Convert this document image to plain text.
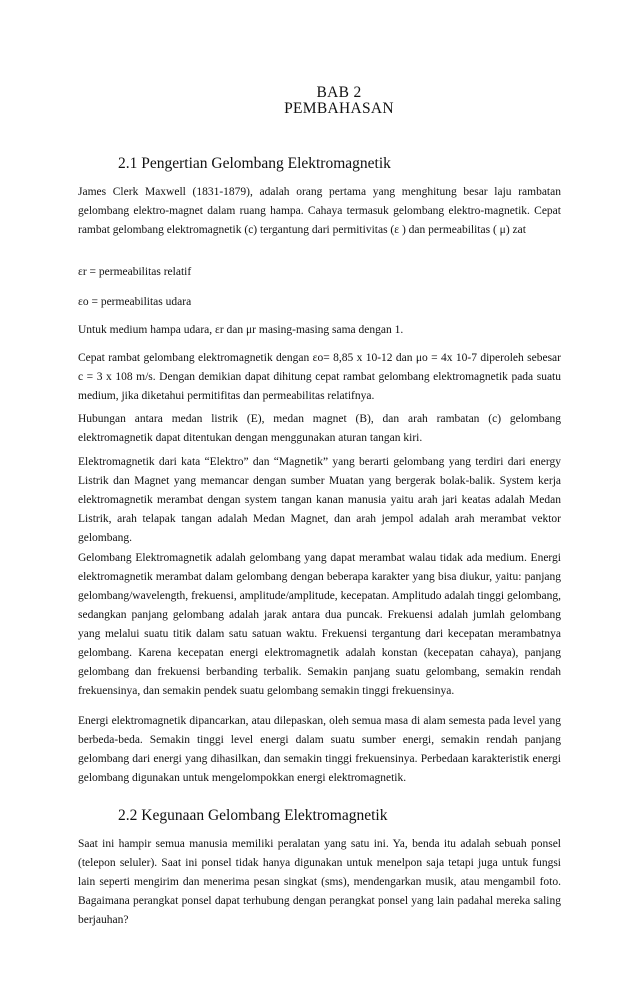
BAB 2
PEMBAHASAN
2.1 Pengertian Gelombang Elektromagnetik
James Clerk Maxwell (1831-1879), adalah orang pertama yang menghitung besar laju rambatan gelombang elektro-magnet dalam ruang hampa. Cahaya termasuk gelombang elektro-magnetik. Cepat rambat gelombang elektromagnetik (c) tergantung dari permitivitas (ε ) dan permeabilitas ( μ) zat
εr = permeabilitas relatif
εo = permeabilitas udara
Untuk medium hampa udara, εr dan μr masing-masing sama dengan 1.
Cepat rambat gelombang elektromagnetik dengan εo= 8,85 x 10-12 dan μo = 4x 10-7 diperoleh sebesar c = 3 x 108 m/s. Dengan demikian dapat dihitung cepat rambat gelombang elektromagnetik pada suatu medium, jika diketahui permitifitas dan permeabilitas relatifnya.
Hubungan antara medan listrik (E), medan magnet (B), dan arah rambatan (c) gelombang elektromagnetik dapat ditentukan dengan menggunakan aturan tangan kiri.
Elektromagnetik dari kata “Elektro” dan “Magnetik” yang berarti gelombang yang terdiri dari energy Listrik dan Magnet yang memancar dengan sumber Muatan yang bergerak bolak-balik. System kerja elektromagnetik merambat dengan system tangan kanan manusia yaitu arah jari keatas adalah Medan Listrik, arah telapak tangan adalah Medan Magnet, dan arah jempol adalah arah merambat vektor gelombang.
Gelombang Elektromagnetik adalah gelombang yang dapat merambat walau tidak ada medium. Energi elektromagnetik merambat dalam gelombang dengan beberapa karakter yang bisa diukur, yaitu: panjang gelombang/wavelength, frekuensi, amplitude/amplitude, kecepatan. Amplitudo adalah tinggi gelombang, sedangkan panjang gelombang adalah jarak antara dua puncak. Frekuensi adalah jumlah gelombang yang melalui suatu titik dalam satu satuan waktu. Frekuensi tergantung dari kecepatan merambatnya gelombang. Karena kecepatan energi elektromagnetik adalah konstan (kecepatan cahaya), panjang gelombang dan frekuensi berbanding terbalik. Semakin panjang suatu gelombang, semakin rendah frekuensinya, dan semakin pendek suatu gelombang semakin tinggi frekuensinya.
Energi elektromagnetik dipancarkan, atau dilepaskan, oleh semua masa di alam semesta pada level yang berbeda-beda. Semakin tinggi level energi dalam suatu sumber energi, semakin rendah panjang gelombang dari energi yang dihasilkan, dan semakin tinggi frekuensinya. Perbedaan karakteristik energi gelombang digunakan untuk mengelompokkan energi elektromagnetik.
2.2 Kegunaan Gelombang Elektromagnetik
Saat ini hampir semua manusia memiliki peralatan yang satu ini. Ya, benda itu adalah sebuah ponsel (telepon seluler). Saat ini ponsel tidak hanya digunakan untuk menelpon saja tetapi juga untuk fungsi lain seperti mengirim dan menerima pesan singkat (sms), mendengarkan musik, atau mengambil foto. Bagaimana perangkat ponsel dapat terhubung dengan perangkat ponsel yang lain padahal mereka saling berjauhan?
